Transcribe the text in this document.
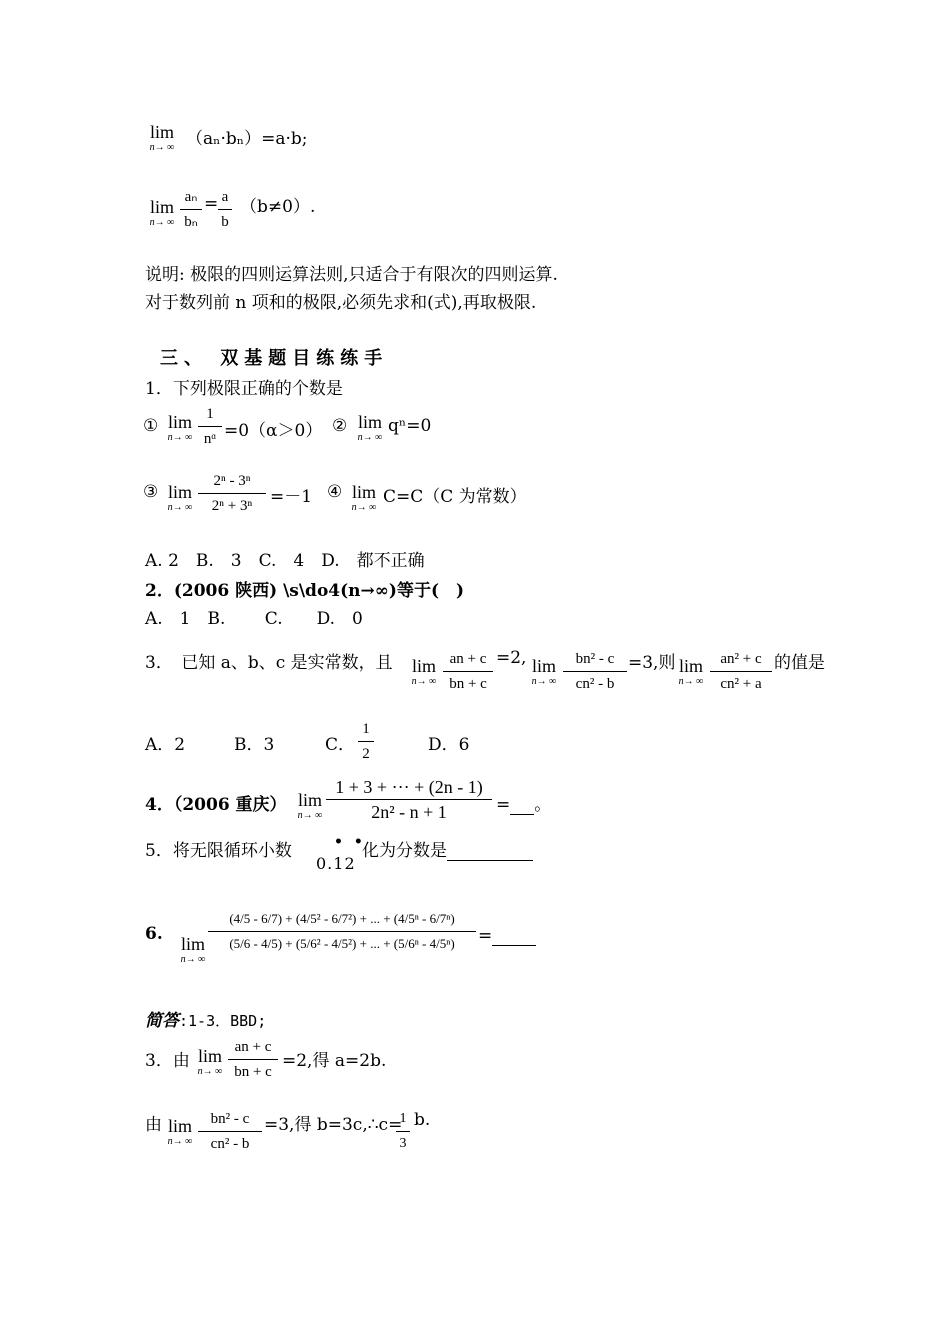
lim
n→ ∞ （aₙ·bₙ）=a·b;
lim
n→ ∞
aₙ
bₙ
= a
b
（b≠0）.
说明: 极限的四则运算法则,只适合于有限次的四则运算.
对于数列前 n 项和的极限,必须先求和(式),再取极限.
三、 双基题目练练手
1．下列极限正确的个数是
① lim
n→ ∞
1
nᵅ =0（α＞0） ② lim
n→ ∞
qⁿ=0
③ lim
n→ ∞
2ⁿ - 3ⁿ
2ⁿ + 3ⁿ	=－1 ④ lim
n→ ∞
C=C（C 为常数）
A. 2　B.　3　C.　4　D.　都不正确
2．(2006 陕西) \s\do4(n→∞)等于(　)
A.　1　B.　　 C.　　D.　0
3．　已知 a、b、c 是实常数，且 lim
n→ ∞
an + c
bn + c
=2, lim
n→ ∞
bn² - c
cn² - b
=3,则 lim
n→ ∞
an² + c
cn² + a
的值是
A．2	B．3	C．
1
2	D．6
4．（2006 重庆） lim
n→ ∞
1 + 3 + ··· + (2n - 1)
2n² - n + 1	= 。
5．将无限循环小数	• •
0.12
化为分数是
6. lim
n→ ∞
(4/5 - 6/7) + (4/5² - 6/7²) + ... + (4/5ⁿ - 6/7ⁿ)
(5/6 - 4/5) + (5/6² - 4/5²) + ... + (5/6ⁿ - 4/5ⁿ)	=
简答:1-3．BBD;
3．由 lim
n→ ∞
an + c
bn + c
=2,得 a=2b.
由 lim
n→ ∞
bn² - c
cn² - b
=3,得 b=3c,∴c=
1
3
b.
